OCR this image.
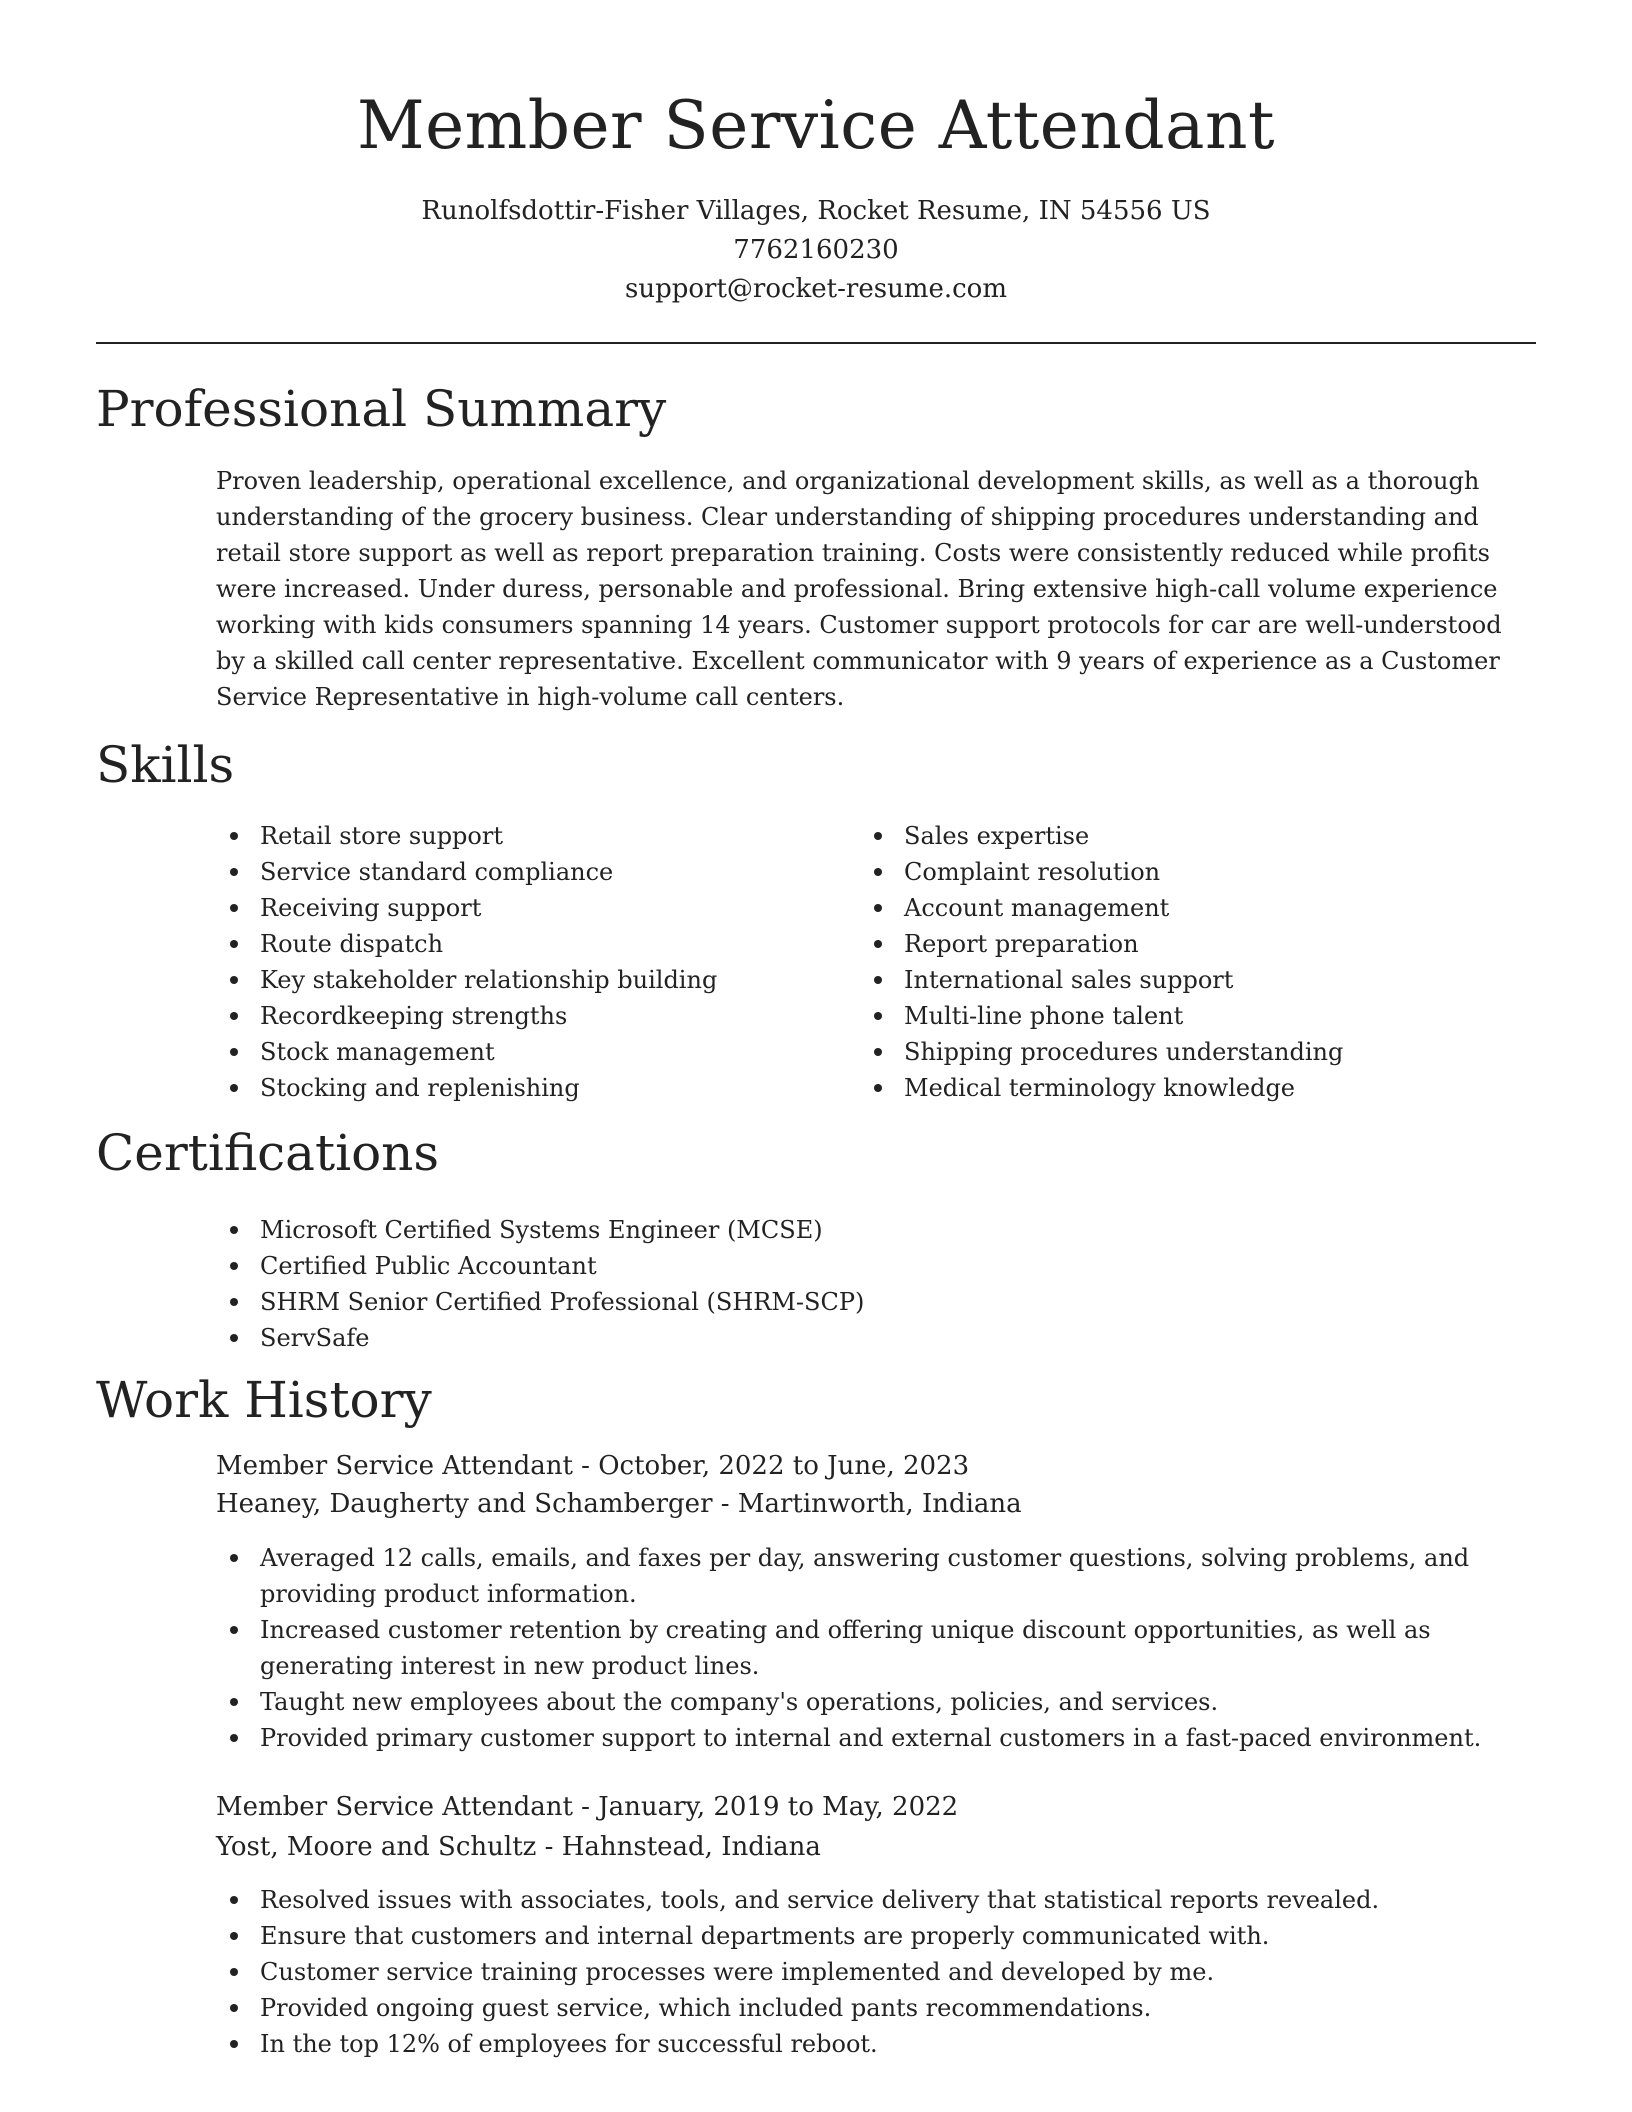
Member Service Attendant
Runolfsdottir-Fisher Villages, Rocket Resume, IN 54556 US
7762160230
support@rocket-resume.com
Professional Summary

Proven leadership, operational excellence, and organizational development skills, as well as a thorough understanding of the grocery business. Clear understanding of shipping procedures understanding and retail store support as well as report preparation training. Costs were consistently reduced while profits were increased. Under duress, personable and professional. Bring extensive high-call volume experience working with kids consumers spanning 14 years. Customer support protocols for car are well-understood by a skilled call center representative. Excellent communicator with 9 years of experience as a Customer Service Representative in high-volume call centers.

Skills
Retail store support
Service standard compliance
Receiving support
Route dispatch
Key stakeholder relationship building
Recordkeeping strengths
Stock management
Stocking and replenishing
Sales expertise
Complaint resolution
Account management
Report preparation
International sales support
Multi-line phone talent
Shipping procedures understanding
Medical terminology knowledge
Certifications
Microsoft Certified Systems Engineer (MCSE)
Certified Public Accountant
SHRM Senior Certified Professional (SHRM-SCP)
ServSafe
Work History
Member Service Attendant - October, 2022 to June, 2023
Heaney, Daugherty and Schamberger - Martinworth, Indiana
Averaged 12 calls, emails, and faxes per day, answering customer questions, solving problems, and providing product information.
Increased customer retention by creating and offering unique discount opportunities, as well as generating interest in new product lines.
Taught new employees about the company's operations, policies, and services.
Provided primary customer support to internal and external customers in a fast-paced environment.
Member Service Attendant - January, 2019 to May, 2022
Yost, Moore and Schultz - Hahnstead, Indiana
Resolved issues with associates, tools, and service delivery that statistical reports revealed.
Ensure that customers and internal departments are properly communicated with.
Customer service training processes were implemented and developed by me.
Provided ongoing guest service, which included pants recommendations.
In the top 12% of employees for successful reboot.
